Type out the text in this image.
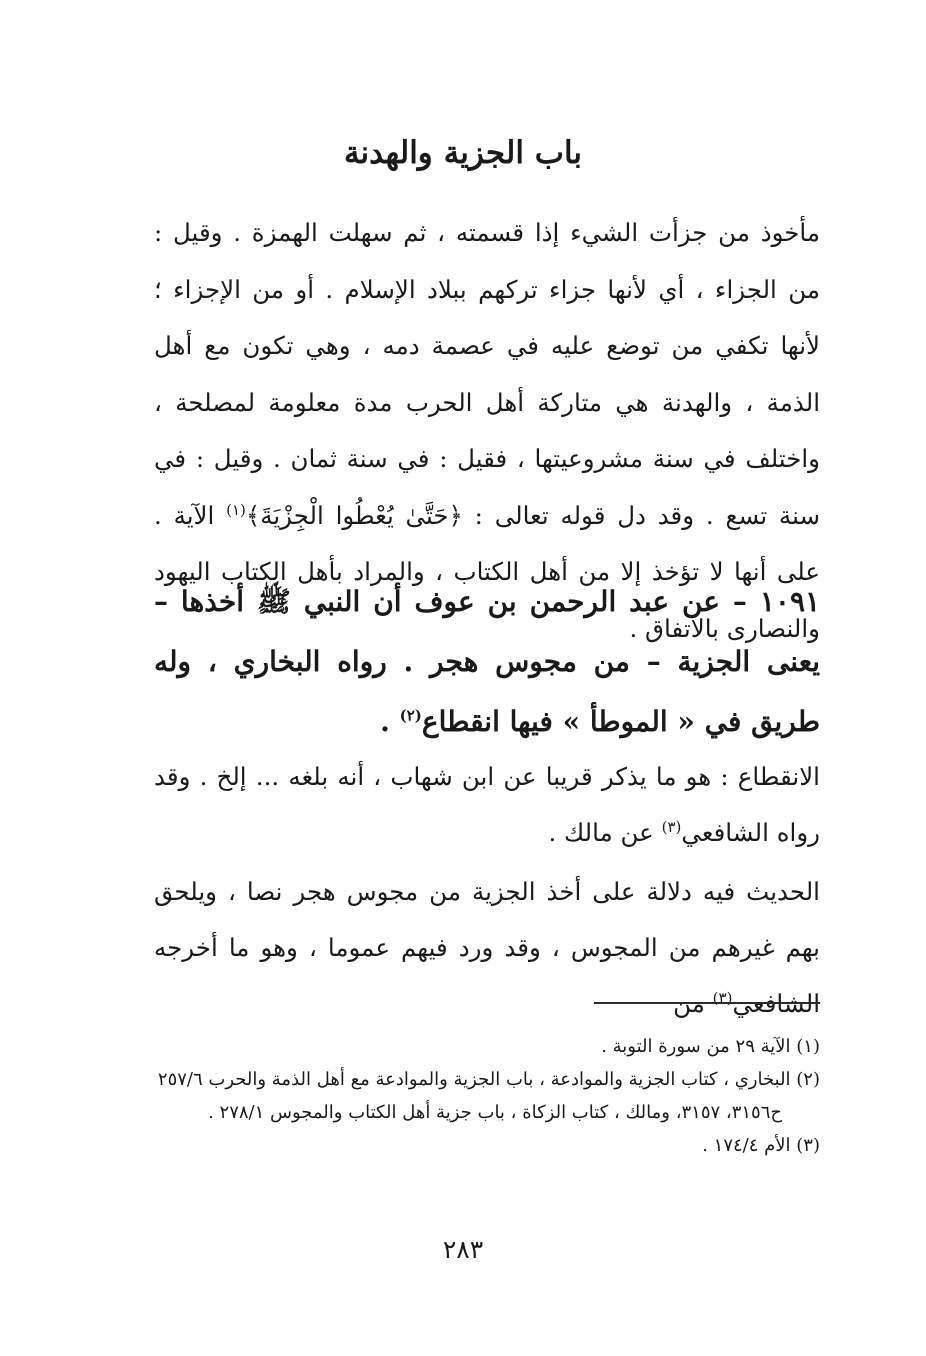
باب الجزية والهدنة

مأخوذ من جزأت الشيء إذا قسمته ، ثم سهلت الهمزة . وقيل : من الجزاء ، أي لأنها جزاء تركهم ببلاد الإسلام . أو من الإجزاء ؛ لأنها تكفي من توضع عليه في عصمة دمه ، وهي تكون مع أهل الذمة ، والهدنة هي متاركة أهل الحرب مدة معلومة لمصلحة ، واختلف في سنة مشروعيتها ، فقيل : في سنة ثمان . وقيل : في سنة تسع . وقد دل قوله تعالى : ﴿حَتَّىٰ يُعْطُوا الْجِزْيَةَ﴾$^{(١)}$ الآية . على أنها لا تؤخذ إلا من أهل الكتاب ، والمراد بأهل الكتاب اليهود والنصارى بالاتفاق .

١٠٩١ – عن عبد الرحمن بن عوف أن النبي ﷺ أخذها – يعنى الجزية – من مجوس هجر . رواه البخاري ، وله طريق في « الموطأ » فيها انقطاع$^{(٢)}$ .

الانقطاع : هو ما يذكر قريبا عن ابن شهاب ، أنه بلغه ... إلخ . وقد رواه الشافعي$^{(٣)}$ عن مالك .

الحديث فيه دلالة على أخذ الجزية من مجوس هجر نصا ، ويلحق بهم غيرهم من المجوس ، وقد ورد فيهم عموما ، وهو ما أخرجه الشافعي$^{(٣)}$ من

(١) الآية ٢٩ من سورة التوبة .

(٢) البخاري ، كتاب الجزية والموادعة ، باب الجزية والموادعة مع أهل الذمة والحرب ٢٥٧/٦

ح٣١٥٦، ٣١٥٧، ومالك ، كتاب الزكاة ، باب جزية أهل الكتاب والمجوس ٢٧٨/١ .

(٣) الأم ١٧٤/٤ .

٢٨٣
